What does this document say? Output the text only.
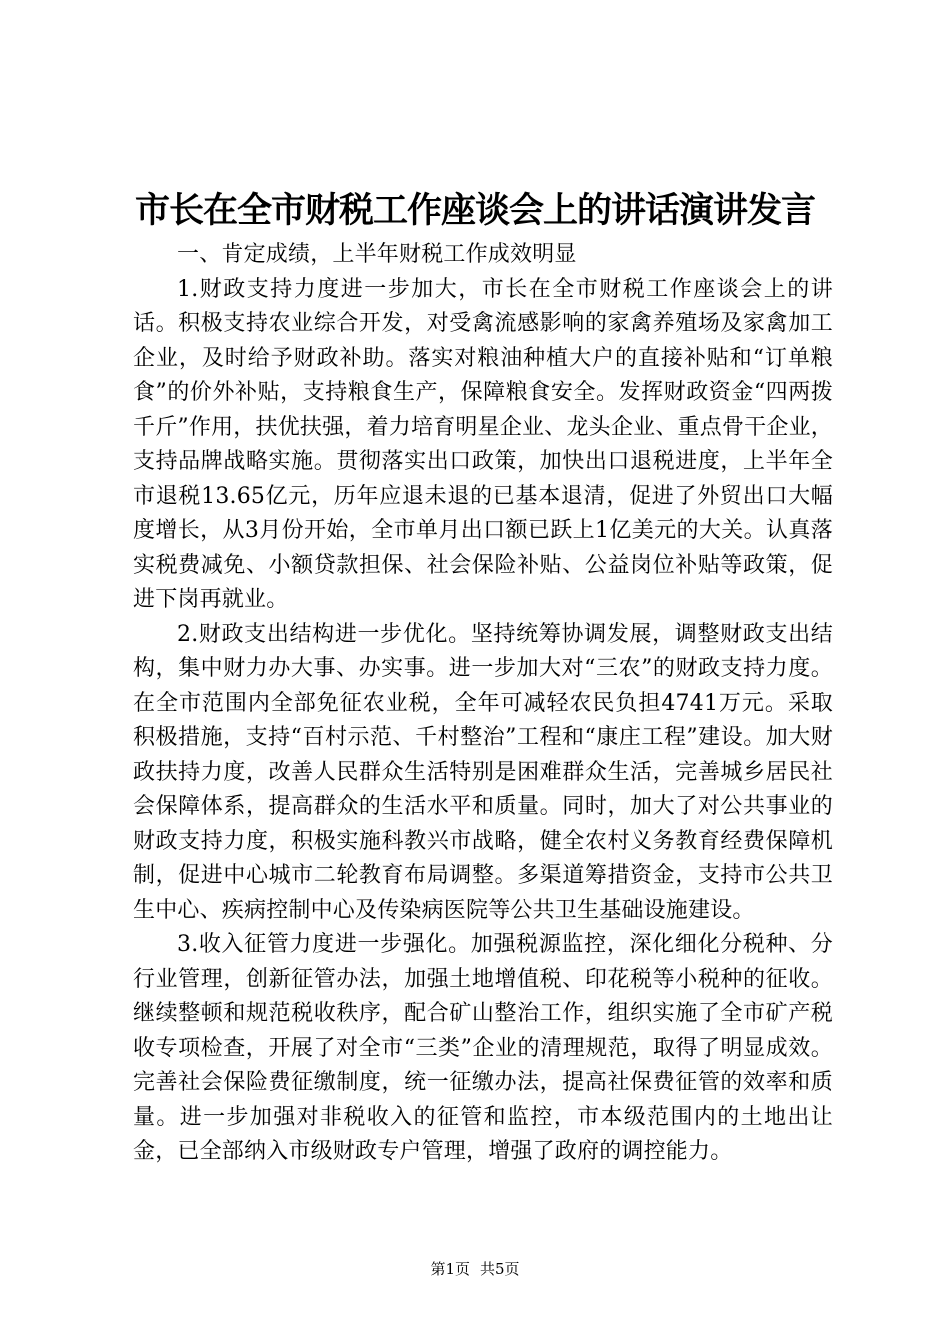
市长在全市财税工作座谈会上的讲话演讲发言

一、肯定成绩，上半年财税工作成效明显

1.财政支持力度进一步加大，市长在全市财税工作座谈会上的讲话。积极支持农业综合开发，对受禽流感影响的家禽养殖场及家禽加工企业，及时给予财政补助。落实对粮油种植大户的直接补贴和“订单粮食”的价外补贴，支持粮食生产，保障粮食安全。发挥财政资金“四两拨千斤”作用，扶优扶强，着力培育明星企业、龙头企业、重点骨干企业，支持品牌战略实施。贯彻落实出口政策，加快出口退税进度，上半年全市退税13.65亿元，历年应退未退的已基本退清，促进了外贸出口大幅度增长，从3月份开始，全市单月出口额已跃上1亿美元的大关。认真落实税费减免、小额贷款担保、社会保险补贴、公益岗位补贴等政策，促进下岗再就业。

2.财政支出结构进一步优化。坚持统筹协调发展，调整财政支出结构，集中财力办大事、办实事。进一步加大对“三农”的财政支持力度。在全市范围内全部免征农业税，全年可减轻农民负担4741万元。采取积极措施，支持“百村示范、千村整治”工程和“康庄工程”建设。加大财政扶持力度，改善人民群众生活特别是困难群众生活，完善城乡居民社会保障体系，提高群众的生活水平和质量。同时，加大了对公共事业的财政支持力度，积极实施科教兴市战略，健全农村义务教育经费保障机制，促进中心城市二轮教育布局调整。多渠道筹措资金，支持市公共卫生中心、疾病控制中心及传染病医院等公共卫生基础设施建设。

3.收入征管力度进一步强化。加强税源监控，深化细化分税种、分行业管理，创新征管办法，加强土地增值税、印花税等小税种的征收。继续整顿和规范税收秩序，配合矿山整治工作，组织实施了全市矿产税收专项检查，开展了对全市“三类”企业的清理规范，取得了明显成效。完善社会保险费征缴制度，统一征缴办法，提高社保费征管的效率和质量。进一步加强对非税收入的征管和监控，市本级范围内的土地出让金，已全部纳入市级财政专户管理，增强了政府的调控能力。

第1页 共5页
